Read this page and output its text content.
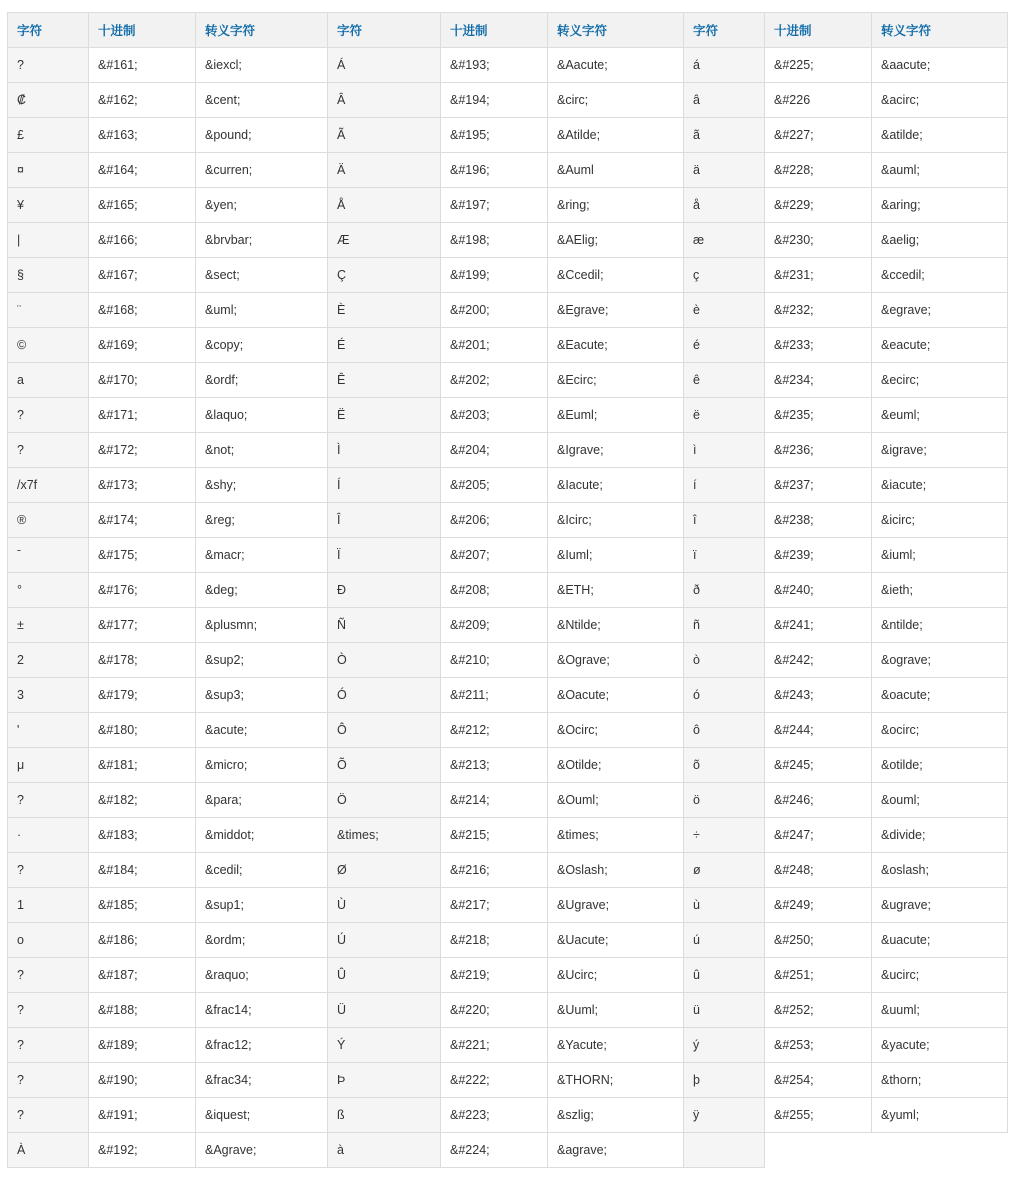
字符	十进制	转义字符	字符	十进制	转义字符	字符	十进制	转义字符
?	&#161;	&iexcl;	Á	&#193;	&Aacute;	á	&#225;	&aacute;
₡	&#162;	&cent;	Â	&#194;	&circ;	â	&#226	&acirc;
£	&#163;	&pound;	Ã	&#195;	&Atilde;	ã	&#227;	&atilde;
¤	&#164;	&curren;	Ä	&#196;	&Auml	ä	&#228;	&auml;
¥	&#165;	&yen;	Å	&#197;	&ring;	å	&#229;	&aring;
|	&#166;	&brvbar;	Æ	&#198;	&AElig;	æ	&#230;	&aelig;
§	&#167;	&sect;	Ç	&#199;	&Ccedil;	ç	&#231;	&ccedil;
¨	&#168;	&uml;	È	&#200;	&Egrave;	è	&#232;	&egrave;
©	&#169;	&copy;	É	&#201;	&Eacute;	é	&#233;	&eacute;
a	&#170;	&ordf;	Ê	&#202;	&Ecirc;	ê	&#234;	&ecirc;
?	&#171;	&laquo;	Ë	&#203;	&Euml;	ë	&#235;	&euml;
?	&#172;	&not;	Ì	&#204;	&Igrave;	ì	&#236;	&igrave;
/x7f	&#173;	&shy;	Í	&#205;	&Iacute;	í	&#237;	&iacute;
®	&#174;	&reg;	Î	&#206;	&Icirc;	î	&#238;	&icirc;
ˉ	&#175;	&macr;	Ï	&#207;	&Iuml;	ï	&#239;	&iuml;
°	&#176;	&deg;	Ð	&#208;	&ETH;	ð	&#240;	&ieth;
±	&#177;	&plusmn;	Ñ	&#209;	&Ntilde;	ñ	&#241;	&ntilde;
2	&#178;	&sup2;	Ò	&#210;	&Ograve;	ò	&#242;	&ograve;
3	&#179;	&sup3;	Ó	&#211;	&Oacute;	ó	&#243;	&oacute;
'	&#180;	&acute;	Ô	&#212;	&Ocirc;	ô	&#244;	&ocirc;
μ	&#181;	&micro;	Õ	&#213;	&Otilde;	õ	&#245;	&otilde;
?	&#182;	&para;	Ö	&#214;	&Ouml;	ö	&#246;	&ouml;
·	&#183;	&middot;	&times;	&#215;	&times;	÷	&#247;	&divide;
?	&#184;	&cedil;	Ø	&#216;	&Oslash;	ø	&#248;	&oslash;
1	&#185;	&sup1;	Ù	&#217;	&Ugrave;	ù	&#249;	&ugrave;
o	&#186;	&ordm;	Ú	&#218;	&Uacute;	ú	&#250;	&uacute;
?	&#187;	&raquo;	Û	&#219;	&Ucirc;	û	&#251;	&ucirc;
?	&#188;	&frac14;	Ü	&#220;	&Uuml;	ü	&#252;	&uuml;
?	&#189;	&frac12;	Ý	&#221;	&Yacute;	ý	&#253;	&yacute;
?	&#190;	&frac34;	Þ	&#222;	&THORN;	þ	&#254;	&thorn;
?	&#191;	&iquest;	ß	&#223;	&szlig;	ÿ	&#255;	&yuml;
À	&#192;	&Agrave;	à	&#224;	&agrave;			
